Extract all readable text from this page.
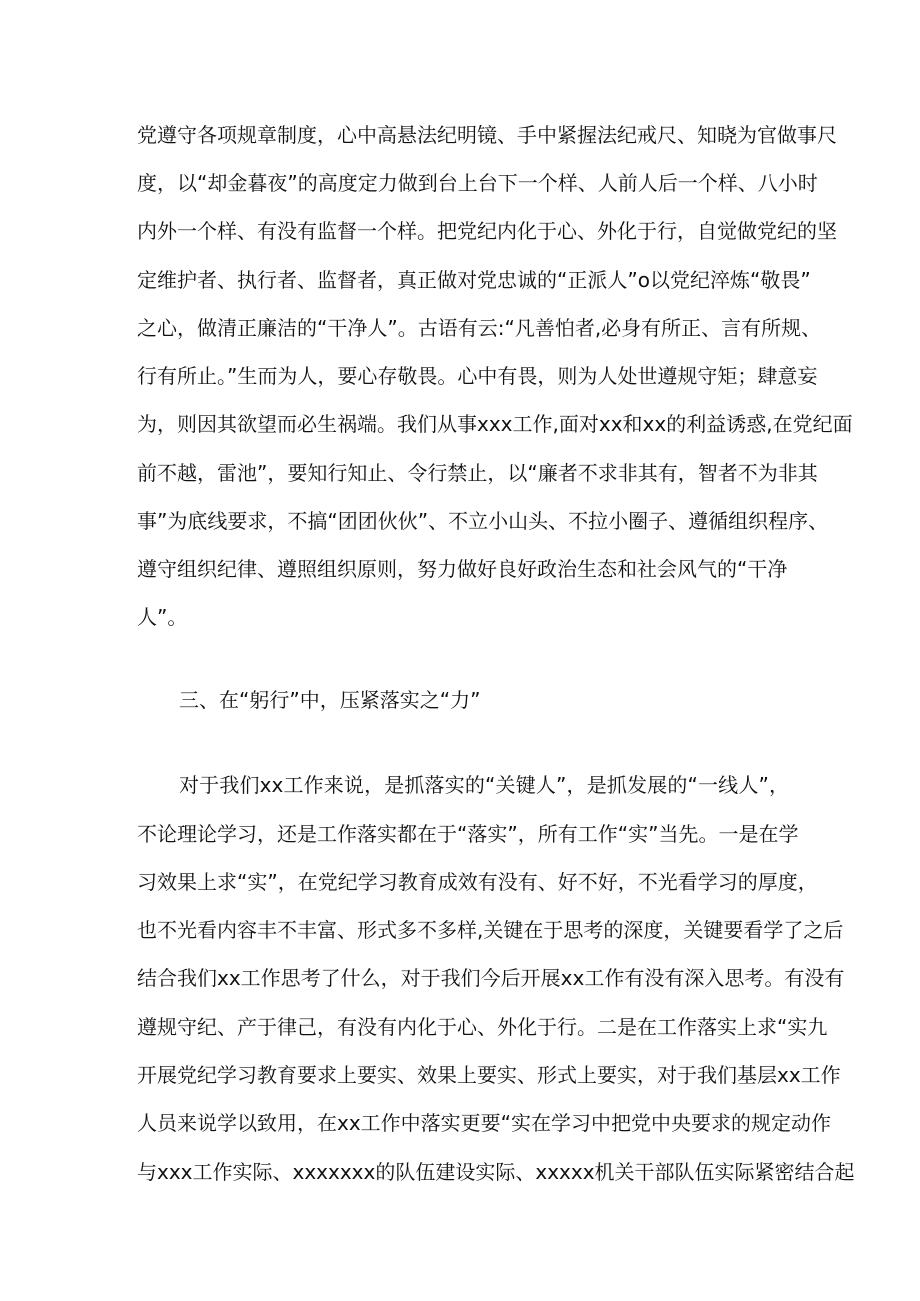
党遵守各项规章制度，心中高悬法纪明镜、手中紧握法纪戒尺、知晓为官做事尺
度，以“却金暮夜”的高度定力做到台上台下一个样、人前人后一个样、八小时
内外一个样、有没有监督一个样。把党纪内化于心、外化于行，自觉做党纪的坚
定维护者、执行者、监督者，真正做对党忠诚的“正派人”o以党纪淬炼“敬畏”
之心，做清正廉洁的“干净人”。古语有云:“凡善怕者,必身有所正、言有所规、
行有所止。”生而为人，要心存敬畏。心中有畏，则为人处世遵规守矩；肆意妄
为，则因其欲望而必生祸端。我们从事xxx工作,面对xx和xx的利益诱惑,在党纪面
前不越，雷池”，要知行知止、令行禁止，以“廉者不求非其有，智者不为非其
事”为底线要求，不搞“团团伙伙”、不立小山头、不拉小圈子、遵循组织程序、
遵守组织纪律、遵照组织原则，努力做好良好政治生态和社会风气的“干净
人”。
三、在“躬行”中，压紧落实之“力”
对于我们xx工作来说，是抓落实的“关键人”，是抓发展的“一线人”，
不论理论学习，还是工作落实都在于“落实”，所有工作“实”当先。一是在学
习效果上求“实”，在党纪学习教育成效有没有、好不好，不光看学习的厚度，
也不光看内容丰不丰富、形式多不多样,关键在于思考的深度，关键要看学了之后
结合我们xx工作思考了什么，对于我们今后开展xx工作有没有深入思考。有没有
遵规守纪、产于律己，有没有内化于心、外化于行。二是在工作落实上求“实九
开展党纪学习教育要求上要实、效果上要实、形式上要实，对于我们基层xx工作
人员来说学以致用，在xx工作中落实更要“实在学习中把党中央要求的规定动作
与xxx工作实际、xxxxxxx的队伍建设实际、xxxxx机关干部队伍实际紧密结合起
